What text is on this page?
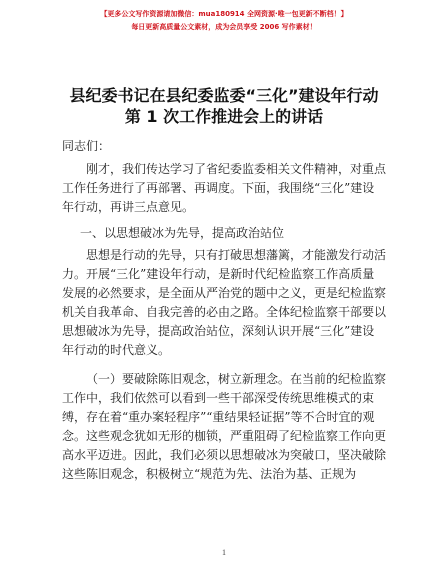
【更多公文写作资源请加微信：mua180914 全网资源·唯一包更新不断档！】
每日更新高质量公文素材，成为会员享受 2006 写作素材！
县纪委书记在县纪委监委“三化”建设年行动
第 1 次工作推进会上的讲话
同志们：
刚才，我们传达学习了省纪委监委相关文件精神，对重点
工作任务进行了再部署、再调度。下面，我围绕“三化”建设
年行动，再讲三点意见。
一、以思想破冰为先导，提高政治站位
思想是行动的先导，只有打破思想藩篱，才能激发行动活
力。开展“三化”建设年行动，是新时代纪检监察工作高质量
发展的必然要求，是全面从严治党的题中之义，更是纪检监察
机关自我革命、自我完善的必由之路。全体纪检监察干部要以
思想破冰为先导，提高政治站位，深刻认识开展“三化”建设
年行动的时代意义。
（一）要破除陈旧观念，树立新理念。在当前的纪检监察
工作中，我们依然可以看到一些干部深受传统思维模式的束
缚，存在着“重办案轻程序”“重结果轻证据”等不合时宜的观
念。这些观念犹如无形的枷锁，严重阻碍了纪检监察工作向更
高水平迈进。因此，我们必须以思想破冰为突破口，坚决破除
这些陈旧观念，积极树立“规范为先、法治为基、正规为
1
